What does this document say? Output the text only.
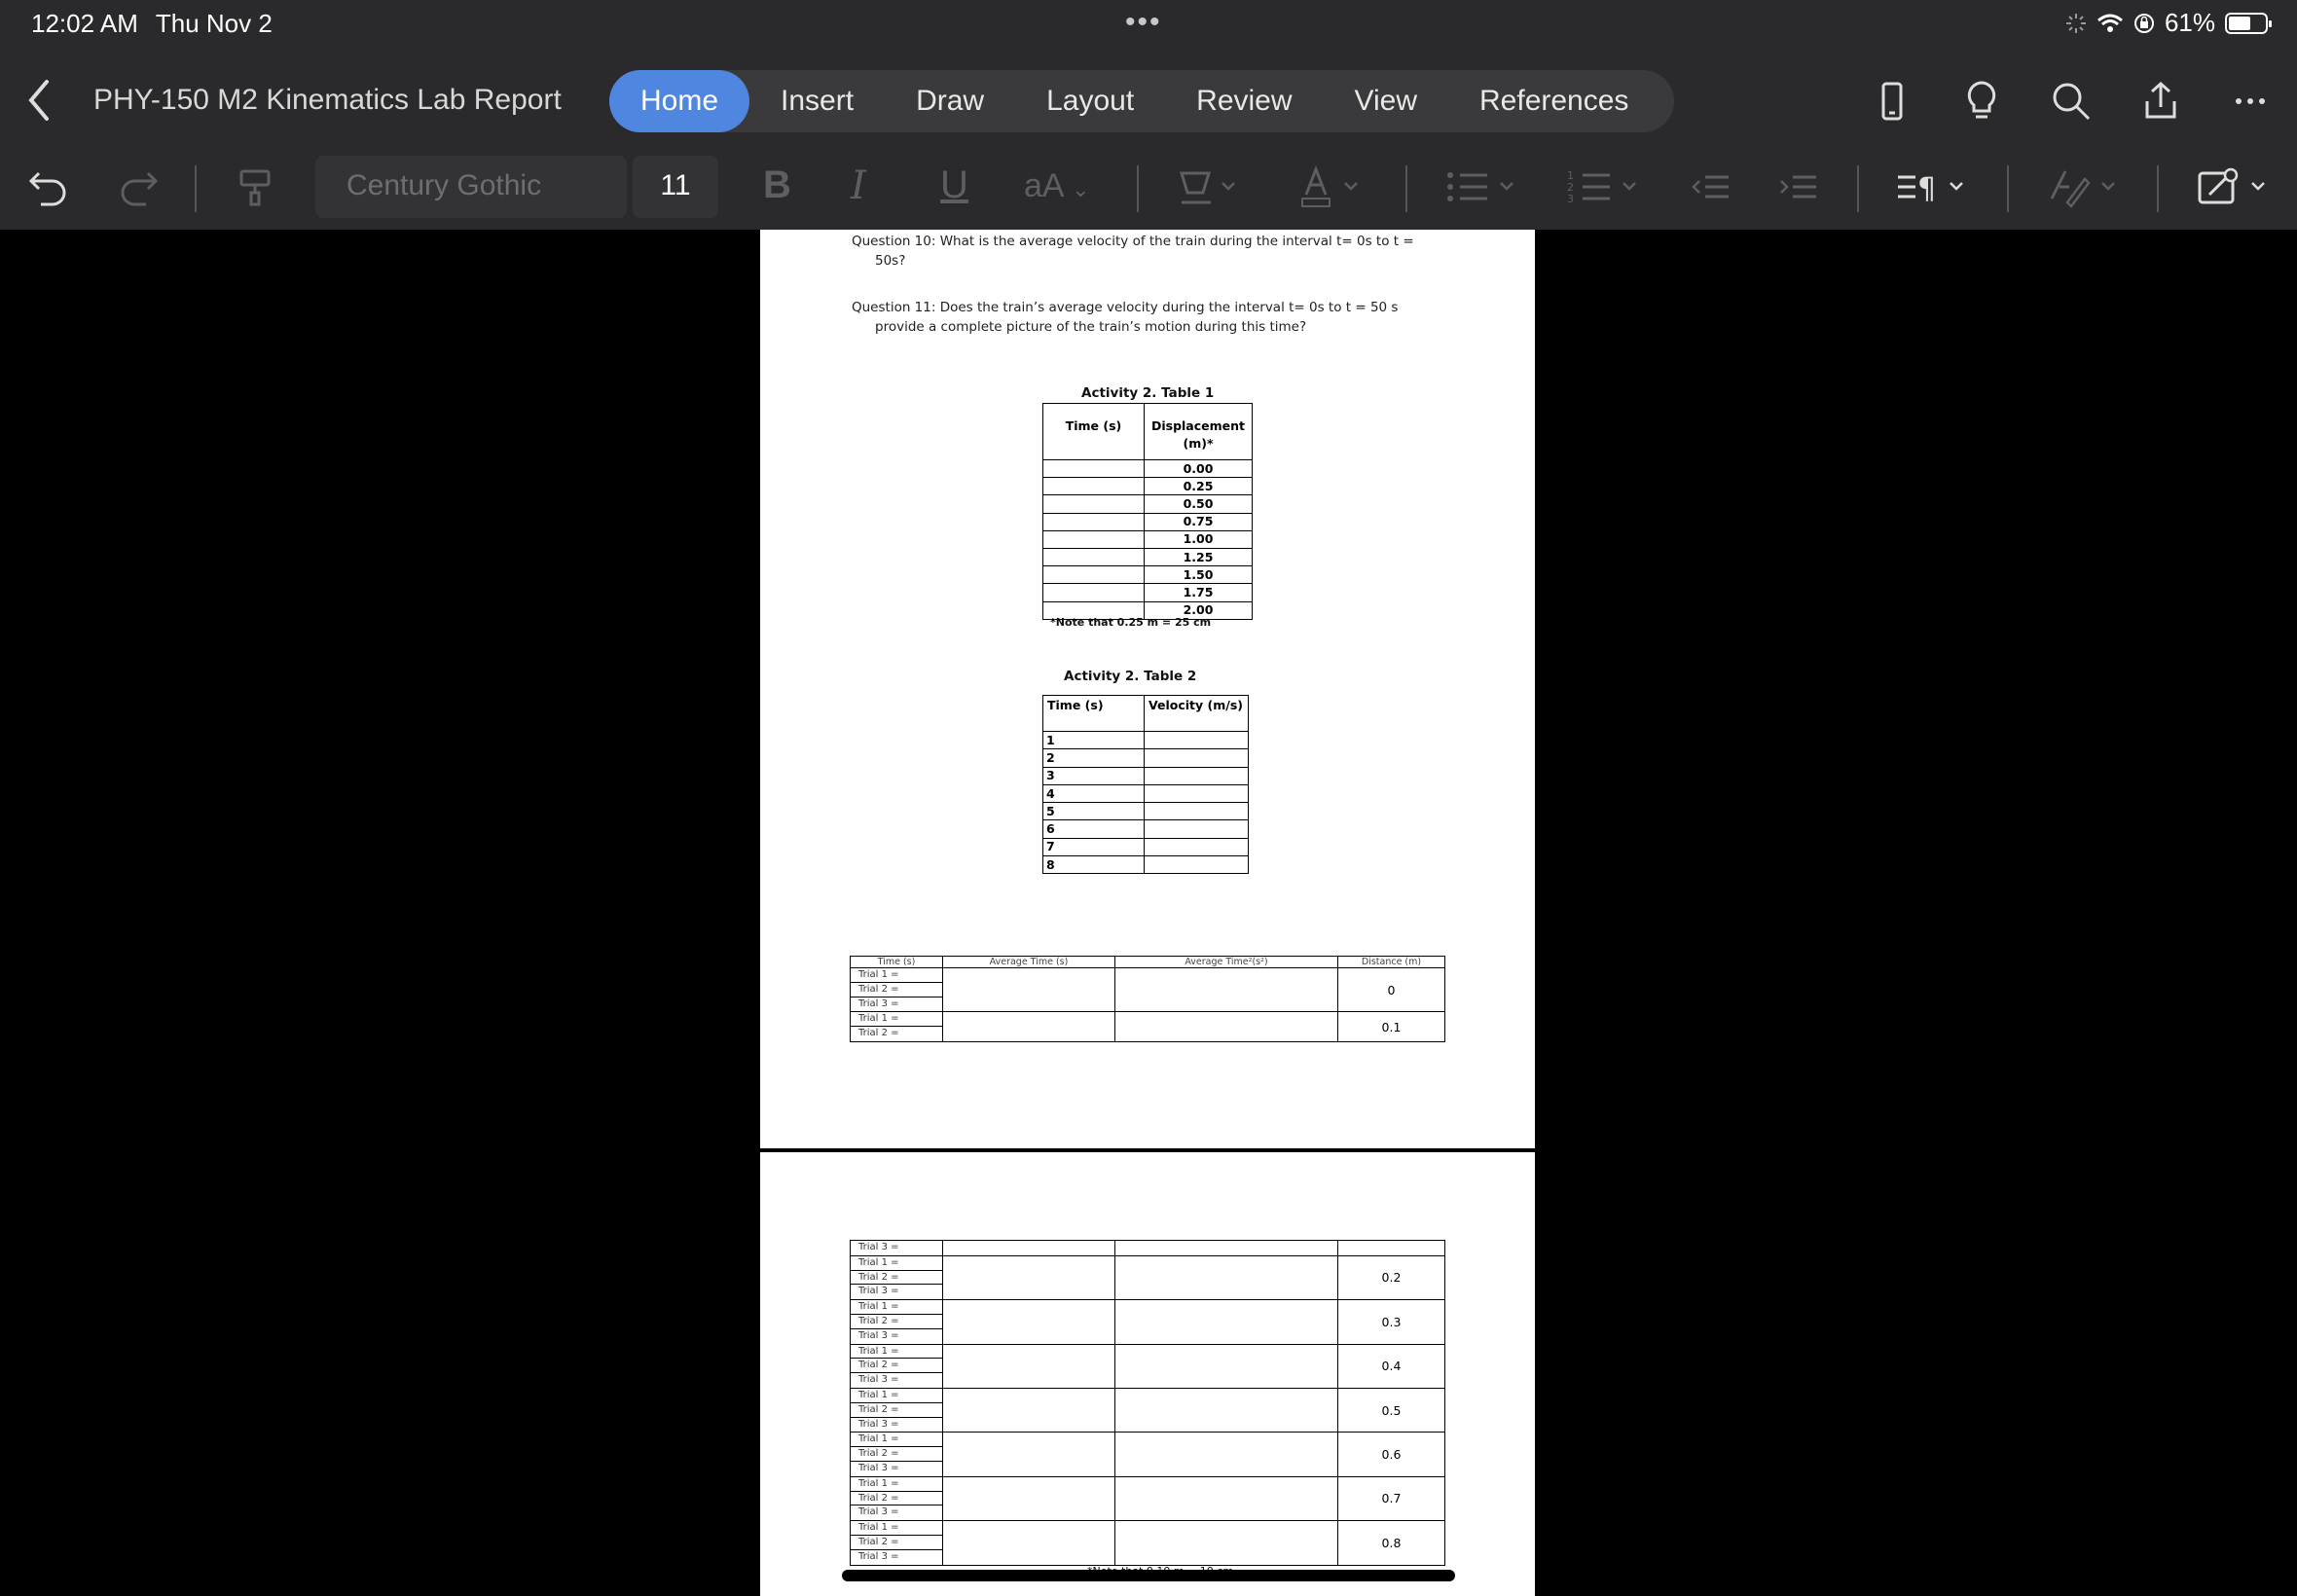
12:02 AM Thu Nov 2	•••	61%
PHY-150 M2 Kinematics Lab Report	Home	Insert	Draw	Layout	Review	View	References
Century Gothic	11	B I U aA ⌄
1
2
3	¶
Question 10: What is the average velocity of the train during the interval t= 0s to t =
50s?
Question 11: Does the train’s average velocity during the interval t= 0s to t = 50 s
provide a complete picture of the train’s motion during this time?
Activity 2. Table 1
Time (s)	Displacement (m)*
	0.00
	0.25
	0.50
	0.75
	1.00
	1.25
	1.50
	1.75
	2.00
*Note that 0.25 m = 25 cm
Activity 2. Table 2
Time (s)	Velocity (m/s)
1	
2	
3	
4	
5	
6	
7	
8	
Time (s)	Average Time (s)	Average Time²(s²)	Distance (m)

Trial 1 =
Trial 2 =
Trial 3 =			0

Trial 1 =
Trial 2 =			0.1
Trial 3 =			

Trial 1 =
Trial 2 =
Trial 3 =			0.2

Trial 1 =
Trial 2 =
Trial 3 =			0.3

Trial 1 =
Trial 2 =
Trial 3 =			0.4

Trial 1 =
Trial 2 =
Trial 3 =			0.5

Trial 1 =
Trial 2 =
Trial 3 =			0.6

Trial 1 =
Trial 2 =
Trial 3 =			0.7

Trial 1 =
Trial 2 =
Trial 3 =			0.8
